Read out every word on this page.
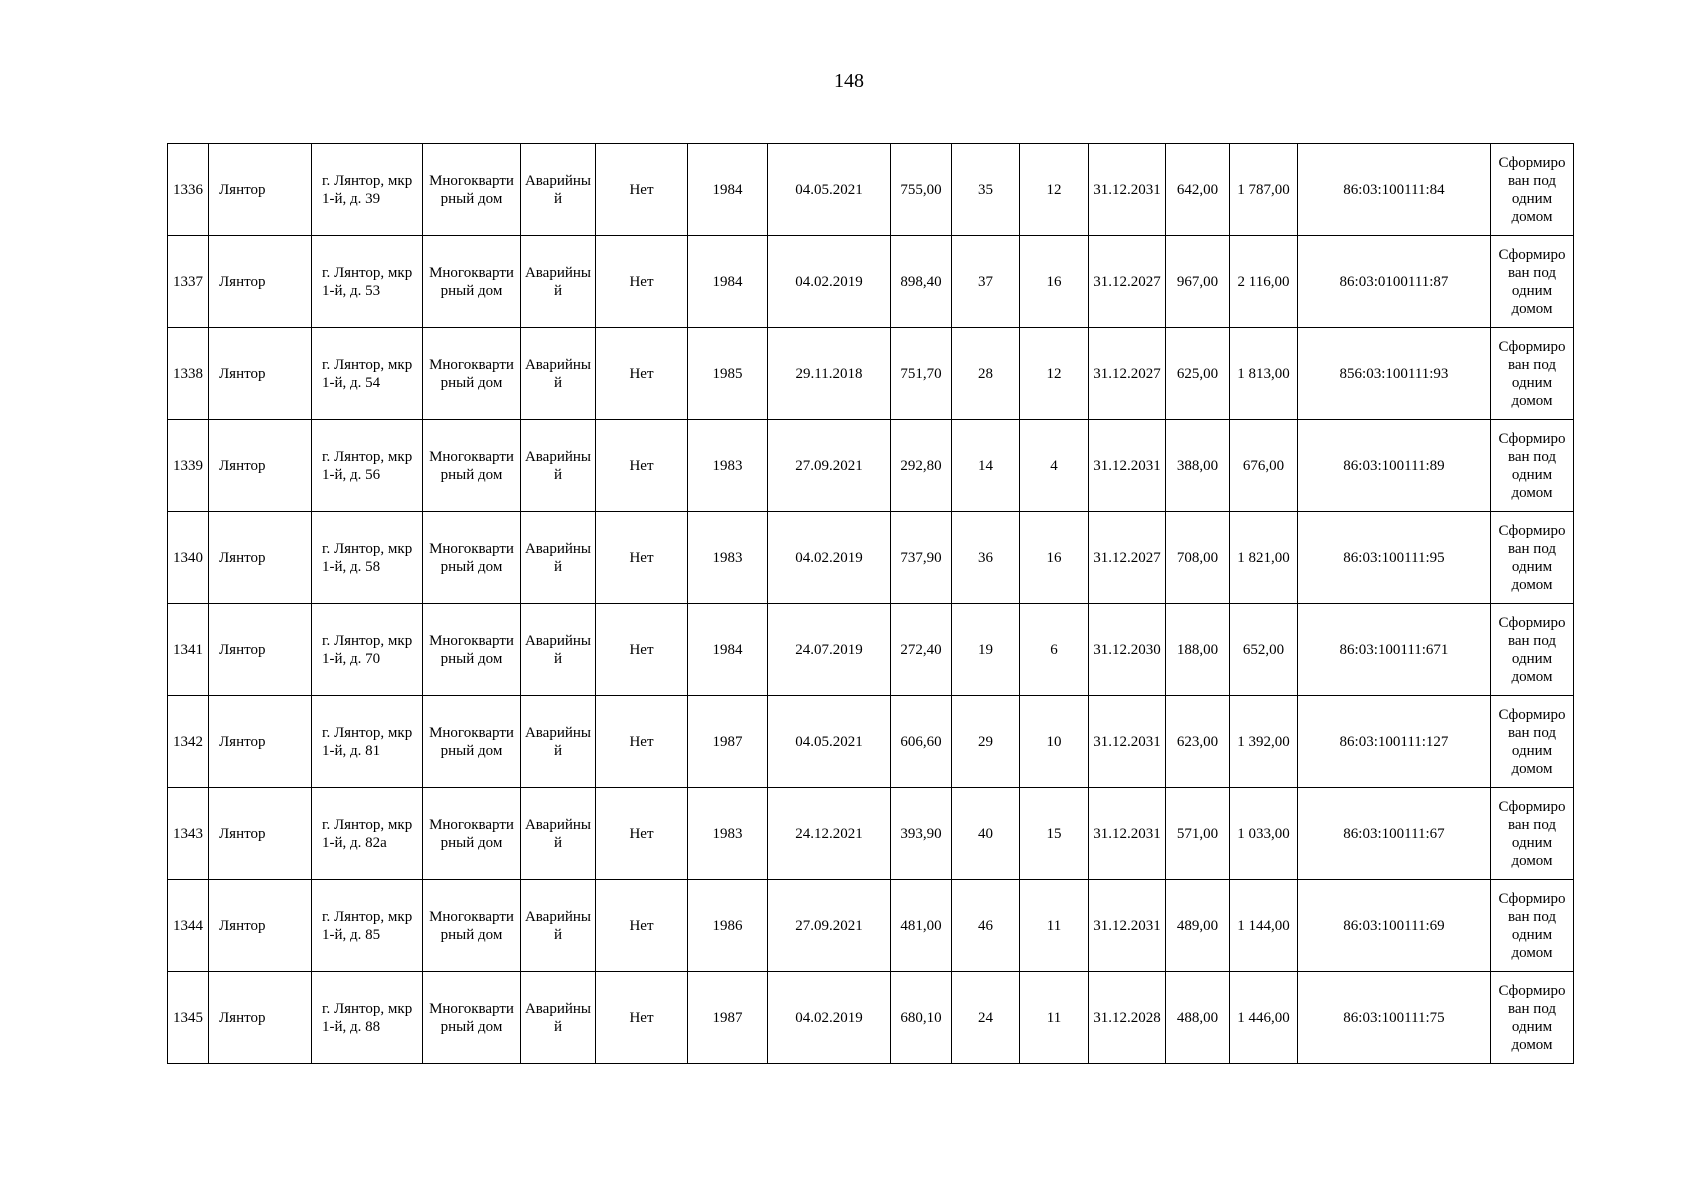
148
1336	Лянтор	г. Лянтор, мкр 1-й, д. 39	Многоквартирный дом	Аварийный	Нет	1984	04.05.2021	755,00	35	12	31.12.2031	642,00	1 787,00	86:03:100111:84	Сформирован под одним домом
1337	Лянтор	г. Лянтор, мкр 1-й, д. 53	Многоквартирный дом	Аварийный	Нет	1984	04.02.2019	898,40	37	16	31.12.2027	967,00	2 116,00	86:03:0100111:87	Сформирован под одним домом
1338	Лянтор	г. Лянтор, мкр 1-й, д. 54	Многоквартирный дом	Аварийный	Нет	1985	29.11.2018	751,70	28	12	31.12.2027	625,00	1 813,00	856:03:100111:93	Сформирован под одним домом
1339	Лянтор	г. Лянтор, мкр 1-й, д. 56	Многоквартирный дом	Аварийный	Нет	1983	27.09.2021	292,80	14	4	31.12.2031	388,00	676,00	86:03:100111:89	Сформирован под одним домом
1340	Лянтор	г. Лянтор, мкр 1-й, д. 58	Многоквартирный дом	Аварийный	Нет	1983	04.02.2019	737,90	36	16	31.12.2027	708,00	1 821,00	86:03:100111:95	Сформирован под одним домом
1341	Лянтор	г. Лянтор, мкр 1-й, д. 70	Многоквартирный дом	Аварийный	Нет	1984	24.07.2019	272,40	19	6	31.12.2030	188,00	652,00	86:03:100111:671	Сформирован под одним домом
1342	Лянтор	г. Лянтор, мкр 1-й, д. 81	Многоквартирный дом	Аварийный	Нет	1987	04.05.2021	606,60	29	10	31.12.2031	623,00	1 392,00	86:03:100111:127	Сформирован под одним домом
1343	Лянтор	г. Лянтор, мкр 1-й, д. 82а	Многоквартирный дом	Аварийный	Нет	1983	24.12.2021	393,90	40	15	31.12.2031	571,00	1 033,00	86:03:100111:67	Сформирован под одним домом
1344	Лянтор	г. Лянтор, мкр 1-й, д. 85	Многоквартирный дом	Аварийный	Нет	1986	27.09.2021	481,00	46	11	31.12.2031	489,00	1 144,00	86:03:100111:69	Сформирован под одним домом
1345	Лянтор	г. Лянтор, мкр 1-й, д. 88	Многоквартирный дом	Аварийный	Нет	1987	04.02.2019	680,10	24	11	31.12.2028	488,00	1 446,00	86:03:100111:75	Сформирован под одним домом
